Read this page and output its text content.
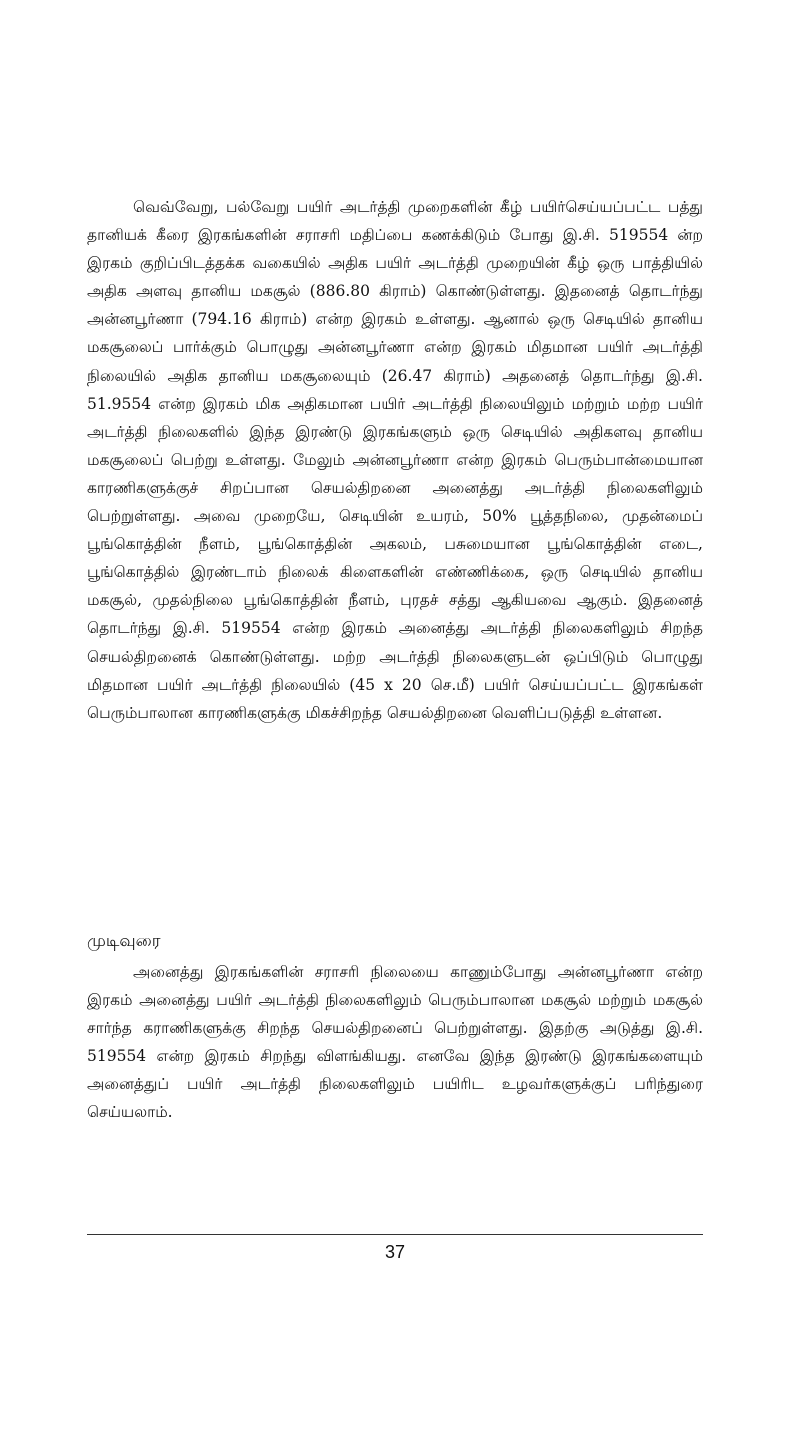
வெவ்வேறு, பல்வேறு பயிர் அடர்த்தி முறைகளின் கீழ் பயிர்செய்யப்பட்ட பத்து தானியக் கீரை இரகங்களின் சராசரி மதிப்பை கணக்கிடும் போது இ.சி. 519554 ன்ற இரகம் குறிப்பிடத்தக்க வகையில் அதிக பயிர் அடர்த்தி முறையின் கீழ் ஒரு பாத்தியில் அதிக அளவு தானிய மகசூல் (886.80 கிராம்) கொண்டுள்ளது. இதனைத் தொடர்ந்து அன்னபூர்ணா (794.16 கிராம்) என்ற இரகம் உள்ளது. ஆனால் ஒரு செடியில் தானிய மகசூலைப் பார்க்கும் பொழுது அன்னபூர்ணா என்ற இரகம் மிதமான பயிர் அடர்த்தி நிலையில் அதிக தானிய மகசூலையும் (26.47 கிராம்) அதனைத் தொடர்ந்து இ.சி. 51.9554 என்ற இரகம் மிக அதிகமான பயிர் அடர்த்தி நிலையிலும் மற்றும் மற்ற பயிர் அடர்த்தி நிலைகளில் இந்த இரண்டு இரகங்களும் ஒரு செடியில் அதிகளவு தானிய மகசூலைப் பெற்று உள்ளது. மேலும் அன்னபூர்ணா என்ற இரகம் பெரும்பான்மையான காரணிகளுக்குச் சிறப்பான செயல்திறனை அனைத்து அடர்த்தி நிலைகளிலும் பெற்றுள்ளது. அவை முறையே, செடியின் உயரம், 50% பூத்தநிலை, முதன்மைப் பூங்கொத்தின் நீளம், பூங்கொத்தின் அகலம், பசுமையான பூங்கொத்தின் எடை, பூங்கொத்தில் இரண்டாம் நிலைக் கிளைகளின் எண்ணிக்கை, ஒரு செடியில் தானிய மகசூல், முதல்நிலை பூங்கொத்தின் நீளம், புரதச் சத்து ஆகியவை ஆகும். இதனைத் தொடர்ந்து இ.சி. 519554 என்ற இரகம் அனைத்து அடர்த்தி நிலைகளிலும் சிறந்த செயல்திறனைக் கொண்டுள்ளது. மற்ற அடர்த்தி நிலைகளுடன் ஒப்பிடும் பொழுது மிதமான பயிர் அடர்த்தி நிலையில் (45 x 20 செ.மீ) பயிர் செய்யப்பட்ட இரகங்கள் பெரும்பாலான காரணிகளுக்கு மிகச்சிறந்த செயல்திறனை வெளிப்படுத்தி உள்ளன.

முடிவுரை

அனைத்து இரகங்களின் சராசரி நிலையை காணும்போது அன்னபூர்ணா என்ற இரகம் அனைத்து பயிர் அடர்த்தி நிலைகளிலும் பெரும்பாலான மகசூல் மற்றும் மகசூல் சார்ந்த கராணிகளுக்கு சிறந்த செயல்திறனைப் பெற்றுள்ளது. இதற்கு அடுத்து இ.சி. 519554 என்ற இரகம் சிறந்து விளங்கியது. எனவே இந்த இரண்டு இரகங்களையும் அனைத்துப் பயிர் அடர்த்தி நிலைகளிலும் பயிரிட உழவர்களுக்குப் பரிந்துரை செய்யலாம்.

37
